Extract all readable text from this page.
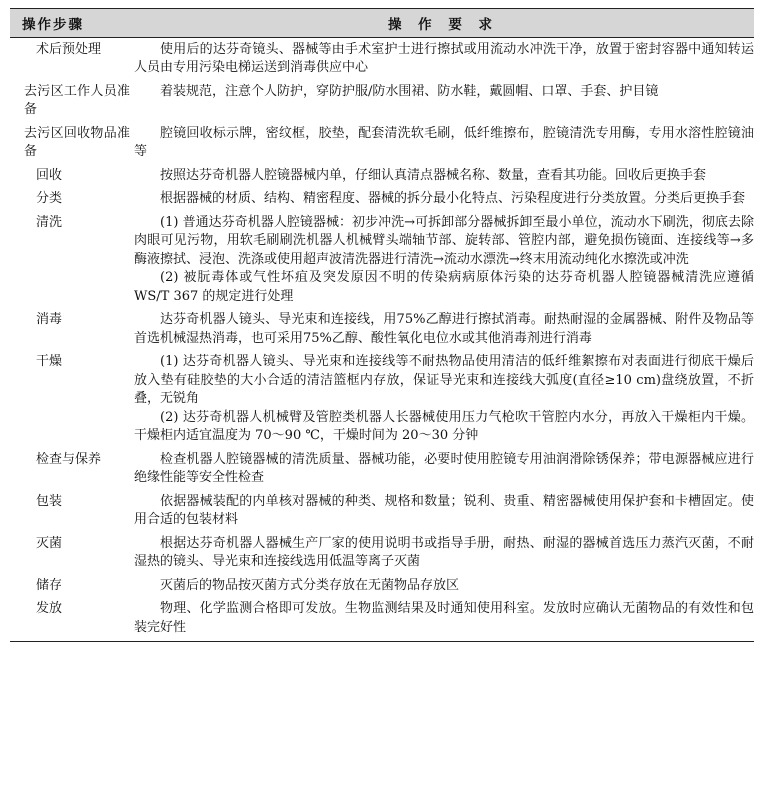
操作步骤	操 作 要 求
术后预处理	使用后的达芬奇镜头、器械等由手术室护士进行擦拭或用流动水冲洗干净，放置于密封容器中通知转运人员由专用污染电梯运送到消毒供应中心

去污区工作人员准备	着装规范，注意个人防护，穿防护服/防水围裙、防水鞋，戴圆帽、口罩、手套、护目镜

去污区回收物品准备	腔镜回收标示牌，密纹框，胶垫，配套清洗软毛刷，低纤维擦布，腔镜清洗专用酶，专用水溶性腔镜油等

回收	按照达芬奇机器人腔镜器械内单，仔细认真清点器械名称、数量，查看其功能。回收后更换手套

分类	根据器械的材质、结构、精密程度、器械的拆分最小化特点、污染程度进行分类放置。分类后更换手套

清洗	(1) 普通达芬奇机器人腔镜器械：初步冲洗→可拆卸部分器械拆卸至最小单位，流动水下刷洗，彻底去除肉眼可见污物，用软毛刷刷洗机器人机械臂头端轴节部、旋转部、管腔内部，避免损伤镜面、连接线等→多酶液擦拭、浸泡、洗涤或使用超声波清洗器进行清洗→流动水漂洗→终末用流动纯化水擦洗或冲洗

(2) 被朊毒体或气性坏疽及突发原因不明的传染病病原体污染的达芬奇机器人腔镜器械清洗应遵循 WS/T 367 的规定进行处理

消毒	达芬奇机器人镜头、导光束和连接线，用75%乙醇进行擦拭消毒。耐热耐湿的金属器械、附件及物品等首选机械湿热消毒，也可采用75%乙醇、酸性氧化电位水或其他消毒剂进行消毒

干燥	(1) 达芬奇机器人镜头、导光束和连接线等不耐热物品使用清洁的低纤维絮擦布对表面进行彻底干燥后放入垫有硅胶垫的大小合适的清洁篮框内存放，保证导光束和连接线大弧度(直径≥10 cm)盘绕放置，不折叠，无锐角

(2) 达芬奇机器人机械臂及管腔类机器人长器械使用压力气枪吹干管腔内水分，再放入干燥柜内干燥。干燥柜内适宜温度为 70～90 ℃，干燥时间为 20～30 分钟

检查与保养	检查机器人腔镜器械的清洗质量、器械功能，必要时使用腔镜专用油润滑除锈保养；带电源器械应进行绝缘性能等安全性检查

包装	依据器械装配的内单核对器械的种类、规格和数量；锐利、贵重、精密器械使用保护套和卡槽固定。使用合适的包装材料

灭菌	根据达芬奇机器人器械生产厂家的使用说明书或指导手册，耐热、耐湿的器械首选压力蒸汽灭菌，不耐湿热的镜头、导光束和连接线选用低温等离子灭菌

储存	灭菌后的物品按灭菌方式分类存放在无菌物品存放区

发放	物理、化学监测合格即可发放。生物监测结果及时通知使用科室。发放时应确认无菌物品的有效性和包装完好性
